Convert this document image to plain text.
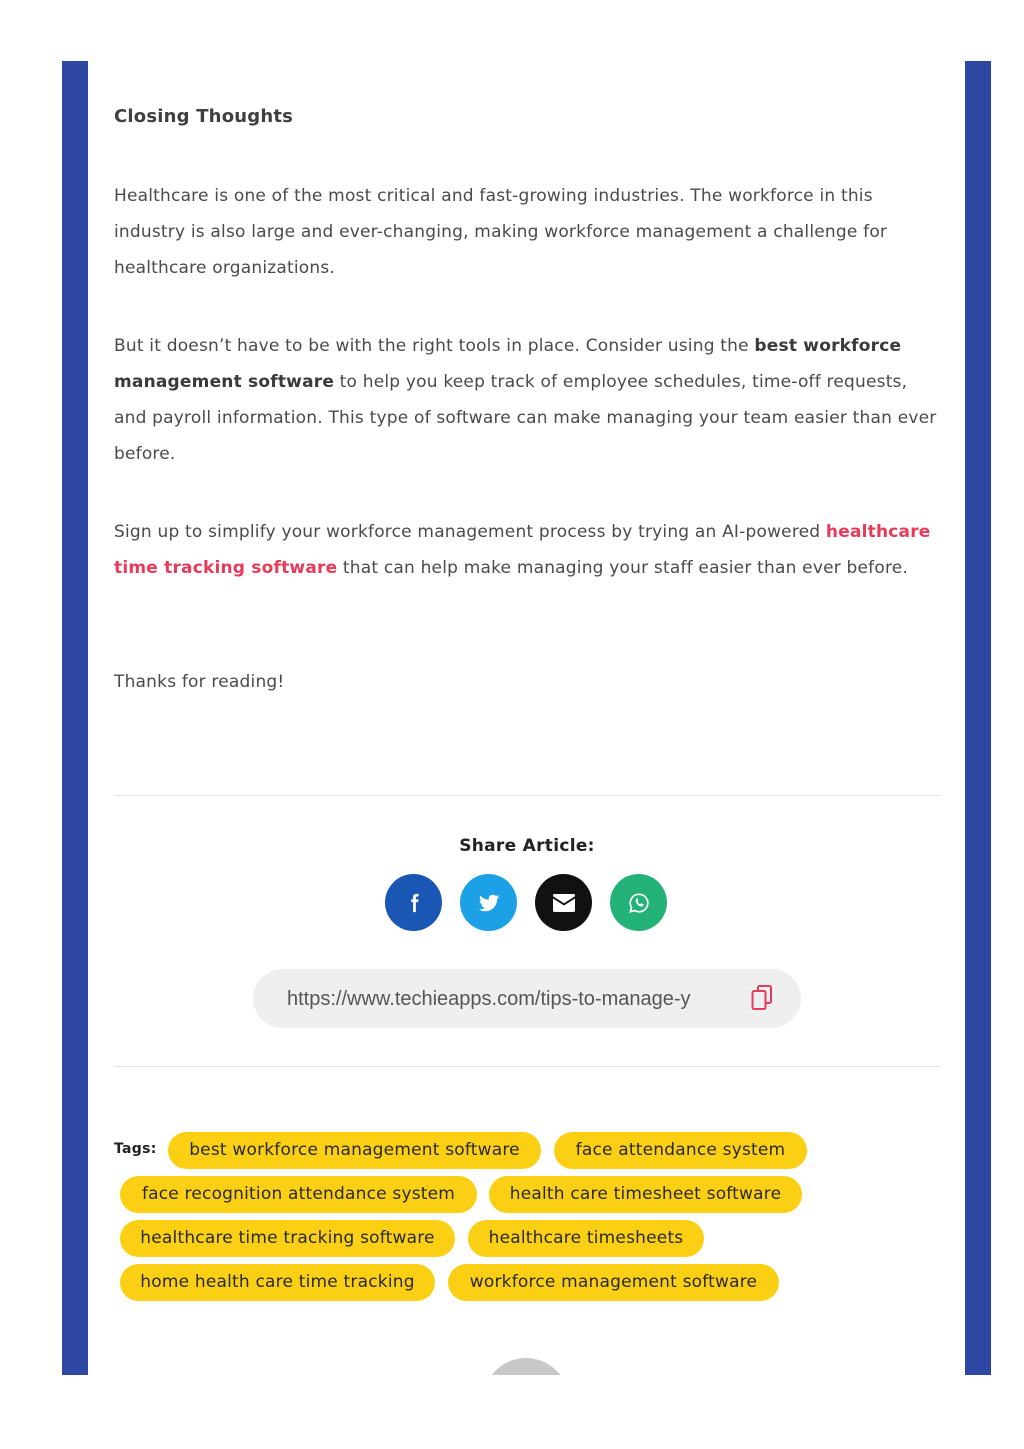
Closing Thoughts

Healthcare is one of the most critical and fast-growing industries. The workforce in this industry is also large and ever-changing, making workforce management a challenge for healthcare organizations.

But it doesn’t have to be with the right tools in place. Consider using the best workforce management software to help you keep track of employee schedules, time-off requests, and payroll information. This type of software can make managing your team easier than ever before.

Sign up to simplify your workforce management process by trying an AI-powered healthcare time tracking software that can help make managing your staff easier than ever before.

Thanks for reading!

Share Article:
https://www.techieapps.com/tips-to-manage-y
Tags:	best workforce management software	face attendance system
face recognition attendance system	health care timesheet software
healthcare time tracking software	healthcare timesheets
home health care time tracking	workforce management software
